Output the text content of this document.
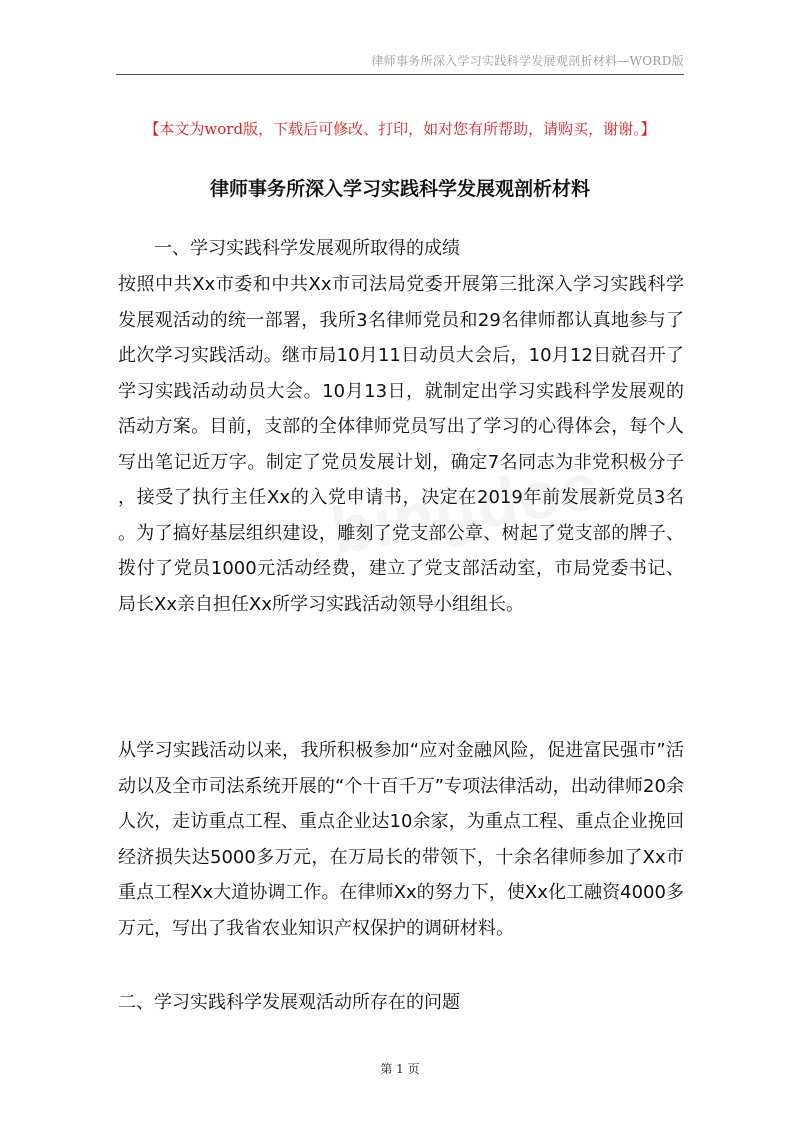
律师事务所深入学习实践科学发展观剖析材料—WORD版
【本文为word版，下载后可修改、打印，如对您有所帮助，请购买，谢谢。】
律师事务所深入学习实践科学发展观剖析材料
一、学习实践科学发展观所取得的成绩
按照中共Xx市委和中共Xx市司法局党委开展第三批深入学习实践科学发展观活动的统一部署，我所3名律师党员和29名律师都认真地参与了此次学习实践活动。继市局10月11日动员大会后，10月12日就召开了学习实践活动动员大会。10月13日，就制定出学习实践科学发展观的活动方案。目前，支部的全体律师党员写出了学习的心得体会，每个人写出笔记近万字。制定了党员发展计划，确定7名同志为非党积极分子，接受了执行主任Xx的入党申请书，决定在2019年前发展新党员3名。为了搞好基层组织建设，雕刻了党支部公章、树起了党支部的牌子、拨付了党员1000元活动经费，建立了党支部活动室，市局党委书记、局长Xx亲自担任Xx所学习实践活动领导小组组长。
从学习实践活动以来，我所积极参加“应对金融风险，促进富民强市”活动以及全市司法系统开展的“个十百千万”专项法律活动，出动律师20余人次，走访重点工程、重点企业达10余家，为重点工程、重点企业挽回经济损失达5000多万元，在万局长的带领下，十余名律师参加了Xx市重点工程Xx大道协调工作。在律师Xx的努力下，使Xx化工融资4000多万元，写出了我省农业知识产权保护的调研材料。
二、学习实践科学发展观活动所存在的问题
第 1 页
